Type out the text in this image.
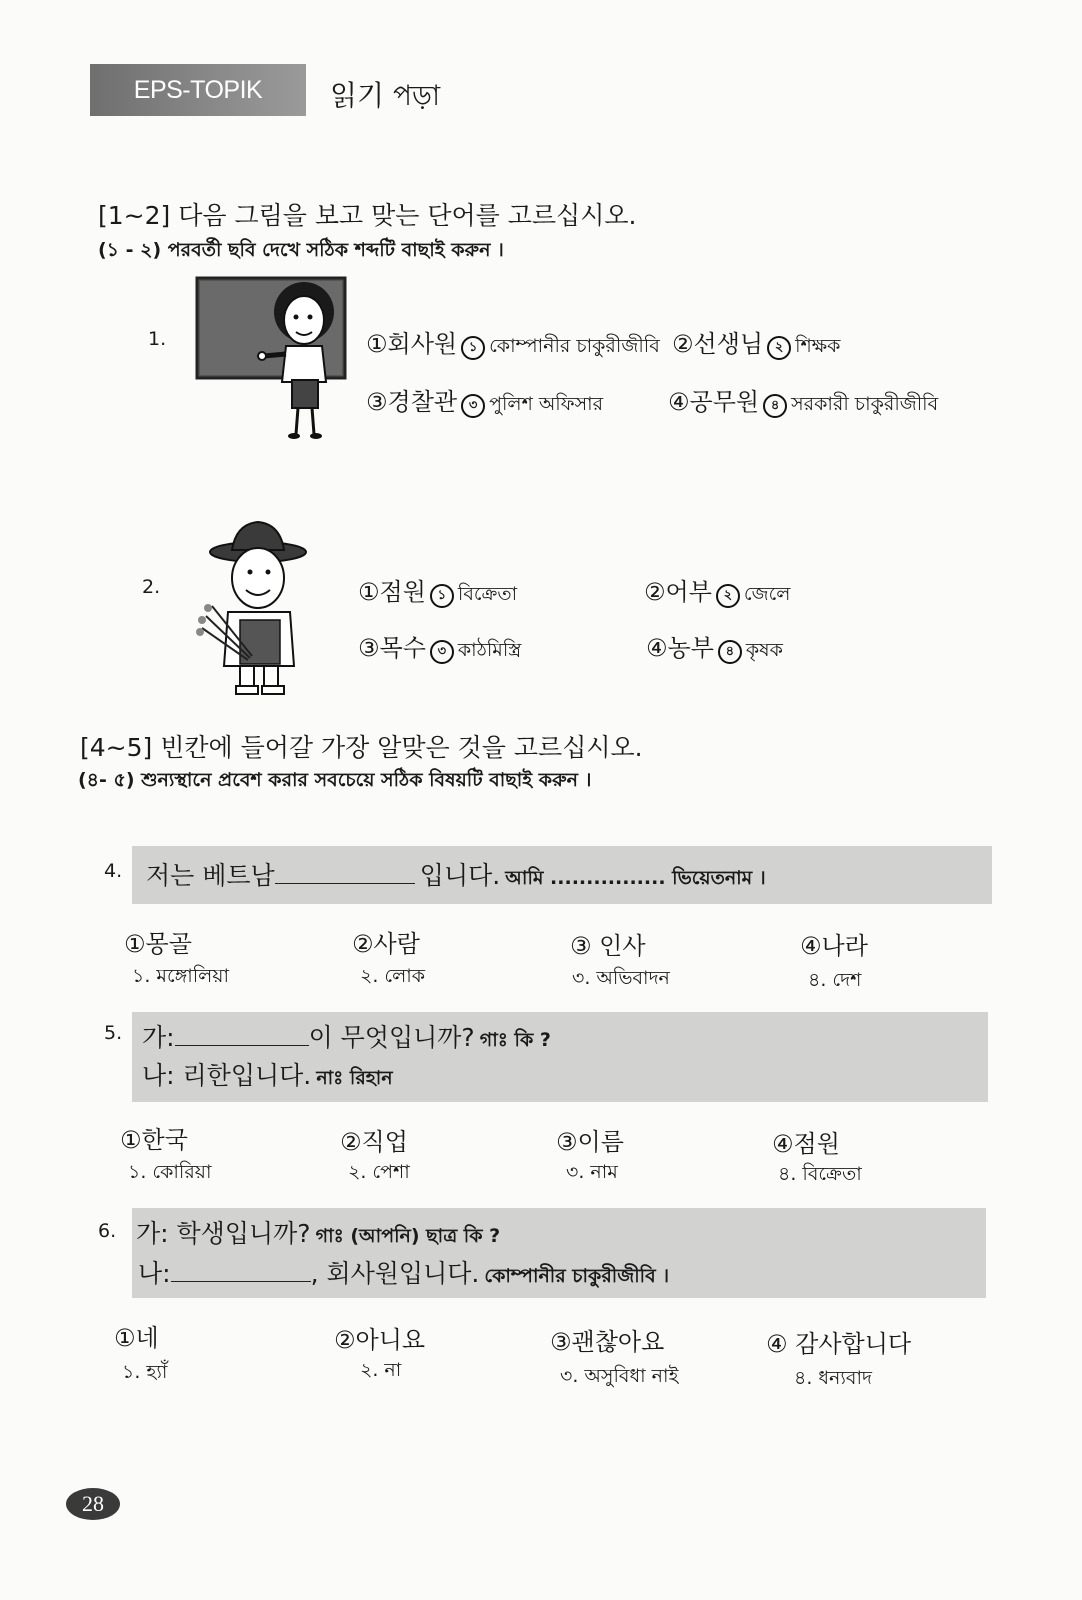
EPS-TOPIK 읽기 পড়া
[1~2] 다음 그림을 보고 맞는 단어를 고르십시오.
(১ - ২) পরবর্তী ছবি দেখে সঠিক শব্দটি বাছাই করুন ।
1.	①회사원 ১ কোম্পানীর চাকুরীজীবি ②선생님 ২ শিক্ষক
③경찰관 ৩ পুলিশ অফিসার	④공무원 ৪ সরকারী চাকুরীজীবি
2.	①점원 ১ বিক্রেতা	②어부 ২ জেলে
③목수 ৩ কাঠমিস্ত্রি	④농부 ৪ কৃষক
[4~5] 빈칸에 들어갈 가장 알맞은 것을 고르십시오.
(৪- ৫) শুন্যস্থানে প্রবেশ করার সবচেয়ে সঠিক বিষয়টি বাছাই করুন ।
4. 저는 베트남	입니다. আমি ................ ভিয়েতনাম ।
①몽골
১. মঙ্গোলিয়া
②사람
২. লোক
③ 인사
৩. অভিবাদন
④나라
৪. দেশ
5. 가:	이 무엇입니까? গাঃ কি ?
나: 리한입니다. নাঃ রিহান
①한국
১. কোরিয়া
②직업
২. পেশা
③이름
৩. নাম
④점원
৪. বিক্রেতা
6. 가: 학생입니까? গাঃ (আপনি) ছাত্র কি ?
나:	, 회사원입니다. কোম্পানীর চাকুরীজীবি ।
①네
১. হ্যাঁ
②아니요
২. না
③괜찮아요
৩. অসুবিধা নাই
④ 감사합니다
৪. ধন্যবাদ
28
